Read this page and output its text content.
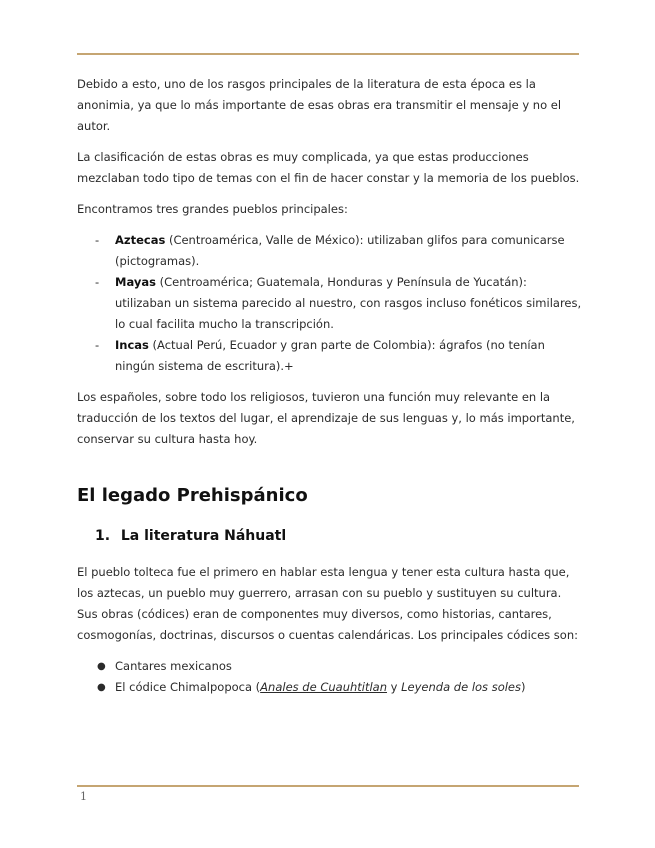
Debido a esto, uno de los rasgos principales de la literatura de esta época es la anonimia, ya que lo más importante de esas obras era transmitir el mensaje y no el autor.

La clasificación de estas obras es muy complicada, ya que estas producciones mezclaban todo tipo de temas con el fin de hacer constar y la memoria de los pueblos.

Encontramos tres grandes pueblos principales:

- Aztecas (Centroamérica, Valle de México): utilizaban glifos para comunicarse (pictogramas).
- Mayas (Centroamérica; Guatemala, Honduras y Península de Yucatán): utilizaban un sistema parecido al nuestro, con rasgos incluso fonéticos similares, lo cual facilita mucho la transcripción.
- Incas (Actual Perú, Ecuador y gran parte de Colombia): ágrafos (no tenían ningún sistema de escritura).+

Los españoles, sobre todo los religiosos, tuvieron una función muy relevante en la traducción de los textos del lugar, el aprendizaje de sus lenguas y, lo más importante, conservar su cultura hasta hoy.

El legado Prehispánico
1. La literatura Náhuatl

El pueblo tolteca fue el primero en hablar esta lengua y tener esta cultura hasta que, los aztecas, un pueblo muy guerrero, arrasan con su pueblo y sustituyen su cultura. Sus obras (códices) eran de componentes muy diversos, como historias, cantares, cosmogonías, doctrinas, discursos o cuentas calendáricas. Los principales códices son:

● Cantares mexicanos
● El códice Chimalpopoca (Anales de Cuauhtitlan y Leyenda de los soles)
1
